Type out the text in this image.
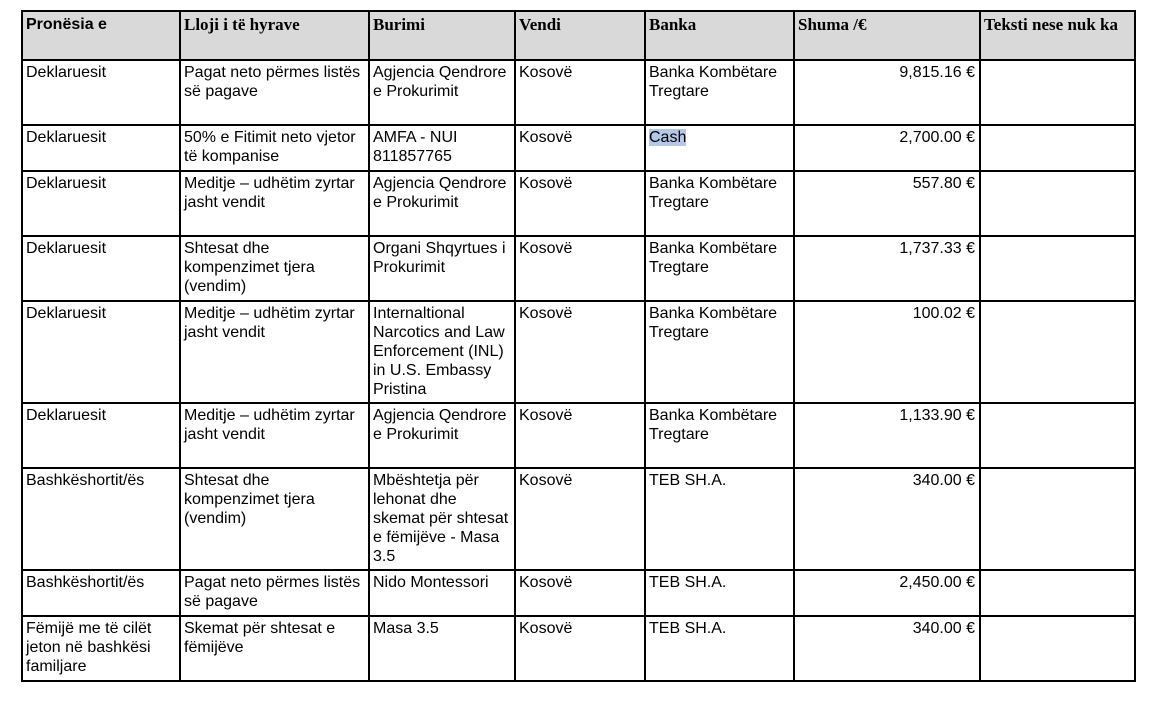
Pronësia e	Lloji i të hyrave	Burimi	Vendi	Banka	Shuma /€	Teksti nese nuk ka
Deklaruesit	Pagat neto përmes listës së pagave	Agjencia Qendrore e Prokurimit	Kosovë	Banka Kombëtare Tregtare	9,815.16 €	
Deklaruesit	50% e Fitimit neto vjetor të kompanise	AMFA - NUI 811857765	Kosovë	Cash	2,700.00 €	
Deklaruesit	Meditje – udhëtim zyrtar jasht vendit	Agjencia Qendrore e Prokurimit	Kosovë	Banka Kombëtare Tregtare	557.80 €	
Deklaruesit	Shtesat dhe kompenzimet tjera (vendim)	Organi Shqyrtues i Prokurimit	Kosovë	Banka Kombëtare Tregtare	1,737.33 €	
Deklaruesit	Meditje – udhëtim zyrtar jasht vendit	Internaltional Narcotics and Law Enforcement (INL) in U.S. Embassy Pristina	Kosovë	Banka Kombëtare Tregtare	100.02 €	
Deklaruesit	Meditje – udhëtim zyrtar jasht vendit	Agjencia Qendrore e Prokurimit	Kosovë	Banka Kombëtare Tregtare	1,133.90 €	
Bashkëshortit/ës	Shtesat dhe kompenzimet tjera (vendim)	Mbështetja për lehonat dhe skemat për shtesat e fëmijëve - Masa 3.5	Kosovë	TEB SH.A.	340.00 €	
Bashkëshortit/ës	Pagat neto përmes listës së pagave	Nido Montessori	Kosovë	TEB SH.A.	2,450.00 €	
Fëmijë me të cilët jeton në bashkësi familjare	Skemat për shtesat e fëmijëve	Masa 3.5	Kosovë	TEB SH.A.	340.00 €	
